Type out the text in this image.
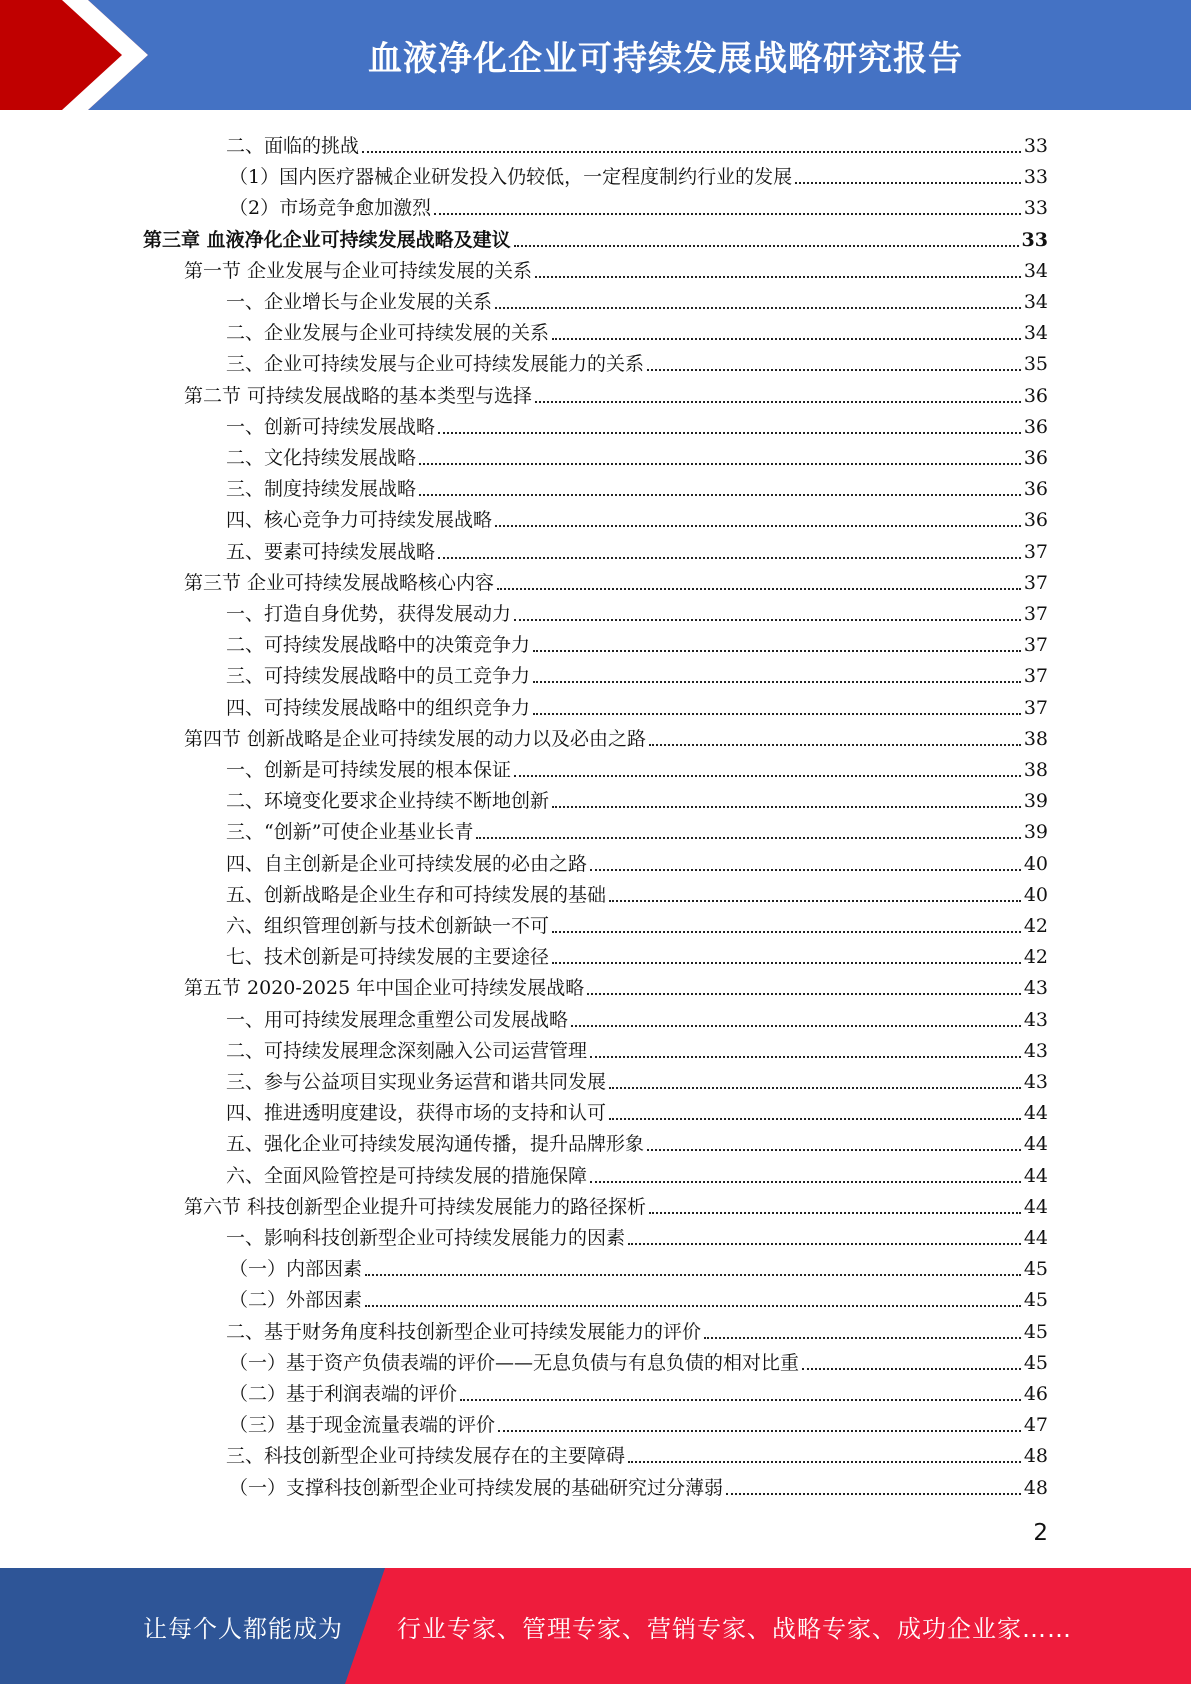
血液净化企业可持续发展战略研究报告
二、面临的挑战	33
（1）国内医疗器械企业研发投入仍较低，一定程度制约行业的发展	33
（2）市场竞争愈加激烈	33
第三章 血液净化企业可持续发展战略及建议	33
第一节 企业发展与企业可持续发展的关系	34
一、企业增长与企业发展的关系	34
二、企业发展与企业可持续发展的关系	34
三、企业可持续发展与企业可持续发展能力的关系	35
第二节 可持续发展战略的基本类型与选择	36
一、创新可持续发展战略	36
二、文化持续发展战略	36
三、制度持续发展战略	36
四、核心竞争力可持续发展战略	36
五、要素可持续发展战略	37
第三节 企业可持续发展战略核心内容	37
一、打造自身优势，获得发展动力	37
二、可持续发展战略中的决策竞争力	37
三、可持续发展战略中的员工竞争力	37
四、可持续发展战略中的组织竞争力	37
第四节 创新战略是企业可持续发展的动力以及必由之路	38
一、创新是可持续发展的根本保证	38
二、环境变化要求企业持续不断地创新	39
三、“创新”可使企业基业长青	39
四、自主创新是企业可持续发展的必由之路	40
五、创新战略是企业生存和可持续发展的基础	40
六、组织管理创新与技术创新缺一不可	42
七、技术创新是可持续发展的主要途径	42
第五节 2020-2025 年中国企业可持续发展战略	43
一、用可持续发展理念重塑公司发展战略	43
二、可持续发展理念深刻融入公司运营管理	43
三、参与公益项目实现业务运营和谐共同发展	43
四、推进透明度建设，获得市场的支持和认可	44
五、强化企业可持续发展沟通传播，提升品牌形象	44
六、全面风险管控是可持续发展的措施保障	44
第六节 科技创新型企业提升可持续发展能力的路径探析	44
一、影响科技创新型企业可持续发展能力的因素	44
（一）内部因素	45
（二）外部因素	45
二、基于财务角度科技创新型企业可持续发展能力的评价	45
（一）基于资产负债表端的评价——无息负债与有息负债的相对比重	45
（二）基于利润表端的评价	46
（三）基于现金流量表端的评价	47
三、科技创新型企业可持续发展存在的主要障碍	48
（一）支撑科技创新型企业可持续发展的基础研究过分薄弱	48
2
让每个人都能成为 行业专家、管理专家、营销专家、战略专家、成功企业家……
